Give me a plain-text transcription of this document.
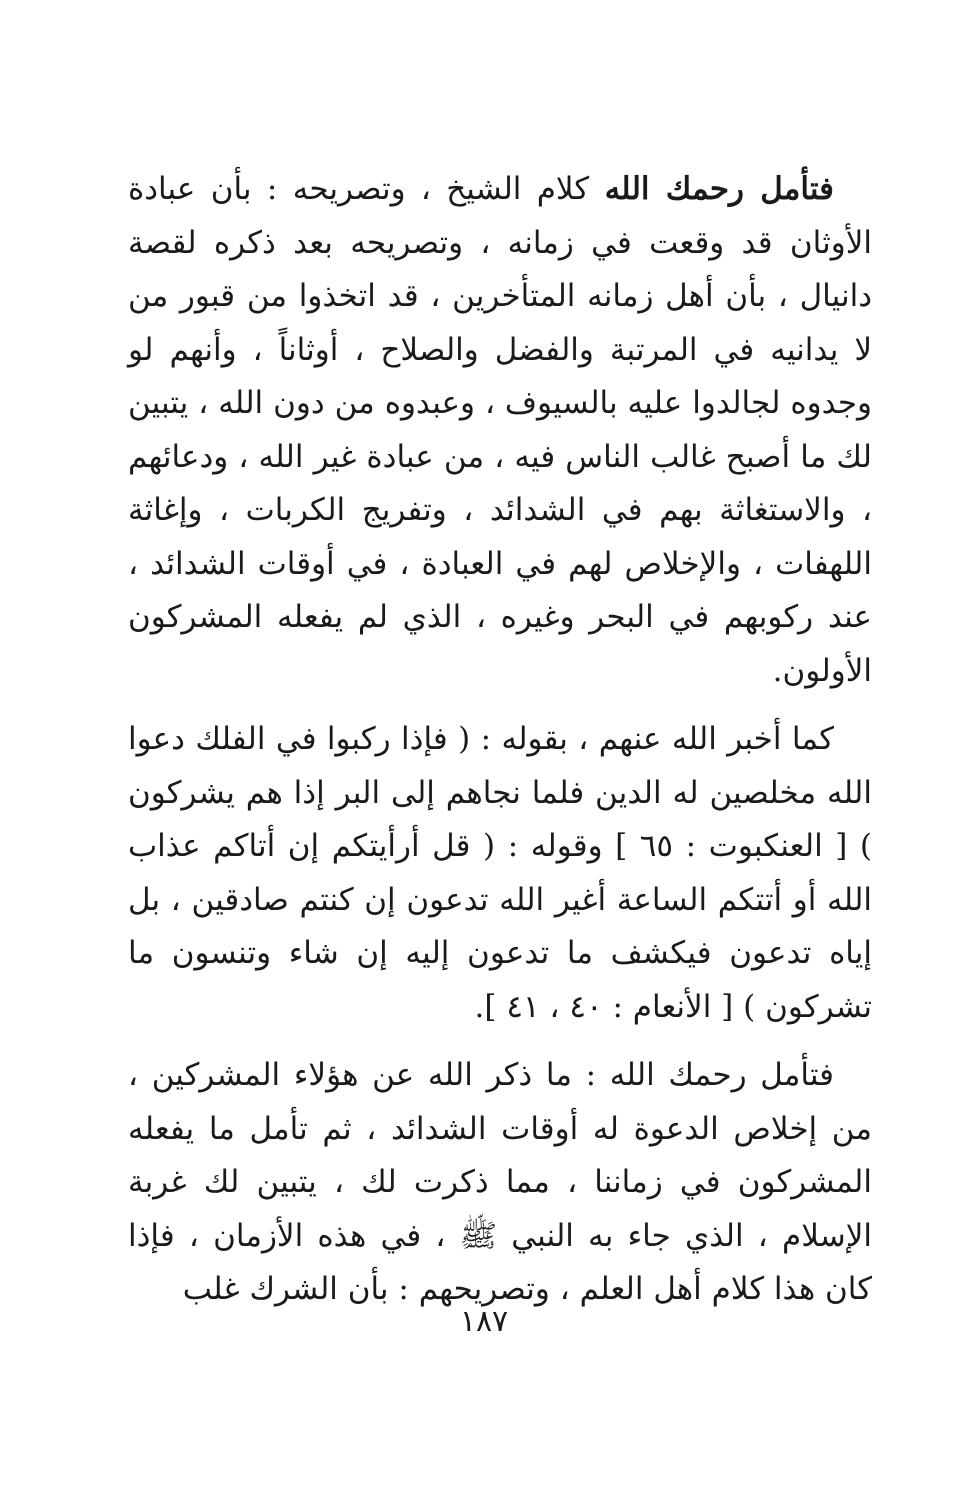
فتأمل رحمك الله كلام الشيخ ، وتصريحه : بأن عبادة الأوثان قد وقعت في زمانه ، وتصريحه بعد ذكره لقصة دانيال ، بأن أهل زمانه المتأخرين ، قد اتخذوا من قبور من لا يدانيه في المرتبة والفضل والصلاح ، أوثاناً ، وأنهم لو وجدوه لجالدوا عليه بالسيوف ، وعبدوه من دون الله ، يتبين لك ما أصبح غالب الناس فيه ، من عبادة غير الله ، ودعائهم ، والاستغاثة بهم في الشدائد ، وتفريج الكربات ، وإغاثة اللهفات ، والإخلاص لهم في العبادة ، في أوقات الشدائد ، عند ركوبهم في البحر وغيره ، الذي لم يفعله المشركون الأولون.

كما أخبر الله عنهم ، بقوله : ( فإذا ركبوا في الفلك دعوا الله مخلصين له الدين فلما نجاهم إلى البر إذا هم يشركون ) [ العنكبوت : ٦٥ ] وقوله : ( قل أرأيتكم إن أتاكم عذاب الله أو أتتكم الساعة أغير الله تدعون إن كنتم صادقين ، بل إياه تدعون فيكشف ما تدعون إليه إن شاء وتنسون ما تشركون ) [ الأنعام : ٤٠ ، ٤١ ].

فتأمل رحمك الله : ما ذكر الله عن هؤلاء المشركين ، من إخلاص الدعوة له أوقات الشدائد ، ثم تأمل ما يفعله المشركون في زماننا ، مما ذكرت لك ، يتبين لك غربة الإسلام ، الذي جاء به النبي ﷺ ، في هذه الأزمان ، فإذا كان هذا كلام أهل العلم ، وتصريحهم : بأن الشرك غلب

١٨٧
